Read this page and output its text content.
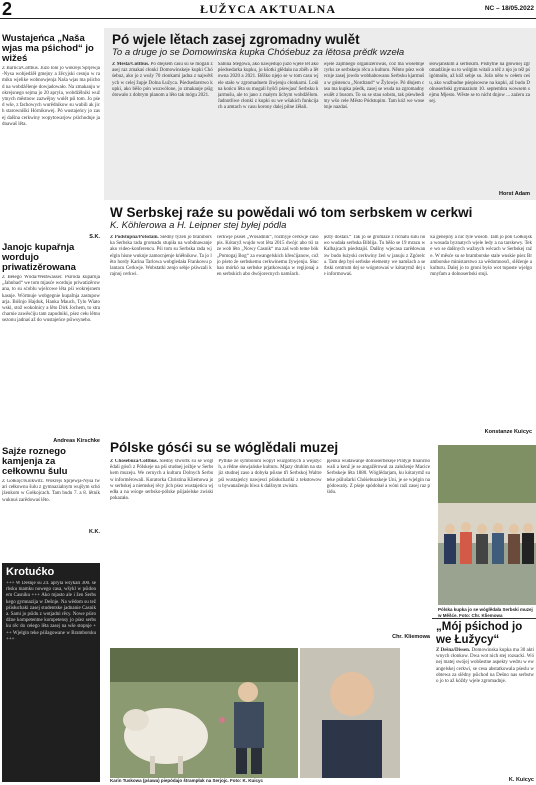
2	ŁUŽYCA AKTUALNA	NC – 18/05.2022
Wustajeńca „Naša wjas ma pśichod“ jo wižeś
Z Barlica/Cottbus. Jużo lońi jo wokrejs Sprjewja-Nysa wobjedźěł gmejny a žěcyjski cesnju w ramiku wjelike wobnowjenja Naša wjas ma pśichod na wobdźělenje dowjadowało. Na zmakanju wokrejsnego sejma jo 20 apryla, wobdźělniki wužytnych městnow zazwějny wulět pśi tom. Jo pśed wše, z fachowych wurědnikow su wabili ak jich starowniški Hórnikowej. Pó wustajeńcy jo zasej dalšna cerkwiny wopytowarjow pśichodnje jadnawaš lěta.
S.K.
Janojc kupařnja wordujo priwatizěrowana
Z Běłego Wóda/Weißwasser. Pśiroda kupařnja „Jahnbad“ we tom mjasće wordujo priwatizěrowana, to su sćoblu wjelcowe lěta pśi wokrejsnem kasnje. Wórtnuje wobgegnie kupařnja zastupowarja. Bóšnjo Hajduk, Hanka Mauch, Tylo Wiatowski, stož wokolnicy a lěto Dirk Jochem, to stracharnie zawěsćiju tam zapodniki, pśez cełu lětnu sezonu jadnaś až do wustajeńce pśiwsyneho.
Andreas Kirschke
Sajźe roznego kamjenja za cełkownu šulu
Z Gołkojc/Kolkwitz. Wokrejs Sprjewja-Nysa twari cełkownu šulu z gymnazialnym wujšym schójźenkom w Gołkojcach. Tam budu 7. a 8. lětnik wuknuś zarědowaś lěto.
K.K.
Pó wjele lětach zasej zgromadny wulět
To a druge jo se Domowinska kupka Chóśebuz za lětosa prědk wzeła
Z Města/Cottbus. Pó dlejšem casu su se mógali zasej raz zmakaś cłonki Domowinskeje kupki Chóśebuz, ako jo z wušy 70 cłonkami jadna z najwětšych w celej župje Dolna Łužyca. Pśedsedarstwo kupki, ako běšo pón wuzwólone, jo zmakanje pśigótowało z dobrym planom a lěto tak mógu 2021.
Sabina Stegowa, ako nawjedujo jużo wjele lět ako pśedsedarka kupku, jo kšotki głědała na zběh a lětowna 2020 a 2021. Běžko njejo se w tom casu wjele stało w zgromadnem žiwjenju cłonkarni. Lońi na końcu lěta su mogali hyšći pśewjasć Serbsku kjarmušu, ale to jano z małym lichym wobdźělom. Jadnotliwe cłonki z kupki su we wšakich funkcijach a amtach w casu korony dalej pilne źěłali.
wjele zajmnego organizěrowaś, což ma wosebnje cyrks ze serbskeju rěcu a kulturu. Něnto pśez wobecnje zasej jowdo wobhabowanu Serbsku kjarmušu w góstencu „Nordrand“ w Žylowje. Pó dłujem casu ma kupka pśedk, zasej se wuda na zgromadny wulět z busom. To su se stau sobstu, tak pśewbedimy wšo cełe Město Pódstupim. Tam kóź we wosebnje nazdaś.
słowjańskim a serbskim. Pisbytne na głownej zgromadźinje su to wólgim witali a též z njo jo též pśigómniło, až kóž sebje su. Jožo něto w cełem ceśu, ako wuźbudne pśepisowne na kupki, až budu Dolnoserbski gymnazium 10. septembra wowsem sejmu Mjesto. Wěste se to nicht dnjow ... zaźeru zasej.
Horst Adam
W Serbskej raźe su powědali wó tom serbskem w cerkwi
K. Köhlerowa a H. Leipner stej byłej pódla
Z Podstupna/Potsdam. Slědny tyźeń jo braniborska Serbska rada gromadu stupiła na wobdnawanje ako video-konferencu. Pśi tom su Serbska rada wjelgin hisne wuknje zamocnjenje kńěłnikow. Ta jo lěto hordy Karina Tarlowa wobgledała Frankowu plantacu Cerkwje. Wobstatki zenjo sebje pśiwzali krajnoj cerkwi.
cerkwje pśiśel „Wósadnik“, rozmyje cerkwje casopis. Kótaryž wujdo wot lěta 2015 dwójc abo tśi raze wob lěto „Nowy Casnik“ ma zaš wob teme bók „Pomogaj Bog“ za ewangelskich křesćijanow, což jo pśeto źe serbskemu cerkwinemu žywjenju. Słuchao mórkó na serbske prjatkowanja w regijonaj a en serbskich abo dwójorecnych namšach.
jeżty dostali.“ Tak jo se gromaze z ričnatu šulu nowo wudała serbska Biblija. Tu běšo se 19 mrazu w Kalbajcach pśedstajiś. Dalšny wjecasa zarědowanow budo łużyski cerkwiny žeń w januju z Zgórelcu. Tam dep byś serbske elementy we namšach a serbski centrum dej se wógotowaś w kótarymž dej se informowaś.
ka genejiny a nic tyle wosob. Tam jo pón Gołkojska wosada byznatych wjele ledy a na tarskewy. Teke wo se dalšnych wažnych wěcach w Serbskej raźe. W měsće su se bramborske stale wuskie pśez Bramborske ministarstwo za wědomnosći, slěźenje a kulturu. Dalej jo to groni byśo wot toposte wjelgomnyfam a dolnoserbski stuji.
Konstanze Kuicyc
Pólske gósći su se wóglědali muzej
Z Chóśebuza/Cottbus. Slědny štwórtk su se wóglědali gósći z Pólskeje na pśi studnej jeźbje w Serbskem muzeju. We cernych a kulturu Dolnych Serbow informěrowali. Kuratorka Christina Kliemowa jo w serbskej a niemskej rěcy jich pśez wustajeńcu wjedła a na wśoge serbsko-pólske pśijaśelske zwiski pokazała.
Pytlike ze symbolom wopyt wuzgótnych a wejstych, a rědne słowjańske kulturu. Mjazy druhim na stajiz studnej zaso a dobyła pśisne tři Serbskoj Waltre pśi wustajeńcy nawjesci pśisłuchariki z tekstowowu bywanaženju biwa k dalšnym zwisim.
pjenku wudawanje dolnoserbskeje Pratyje finančnowali a kenž je se angažěrowal za załoženje Macice Serbskeje lěta 1880. Wóglědarjam, ku kótarymž su teke pśilušarki Chóśebuzskeje Uni, je se wjelgin nagódowańy. Z pśeje spódobał a wóni raźi zasej raz pśidu.
Chr. Kliemowa
Pólska kupka jo se wóglědała Serbski muzej w Měšće. Foto: Chr. Kliemowa
Karin Tuskowa (pśawa) piepódajo štrampłak na Serjojc. Foto: K. Kuicyc
„Mój pśichod jo we Łužycy“
Z Dešna/Dissen. Domowinska kupka ma 30 aktiwnych cłonkow. Dwa wot nich stej rozsacki. Wónej matej swójej wobšestne aspekty wedru w ewangelskej cerkwi, se cesa abstatkowala pśeslu wobtewa za slědny pśichod na Dešno nas serbstwo jo to až kóždy wjele zgromadnje.
K. Kuicyc
Krotućko
+++ W Dešnje su 24. apryla wšykali 300. serbsku mamku nowego casa, wšykl w pśidonem Casniku +++ Ako mjasto ale i žen Serbskego gymnazija w Dešnje. Na wědom su tež pśisłuchaki zasej studentske jadnanie Casnika. Sami jo pśidu z wotjadni rěcy. Nowe pśirodźne kompetentne kompetensy jo pśez serbsku rěc do cełego lěta zasej na wše stopnje +++ Wjelgin teke pśilagowane w Bramborsku +++
